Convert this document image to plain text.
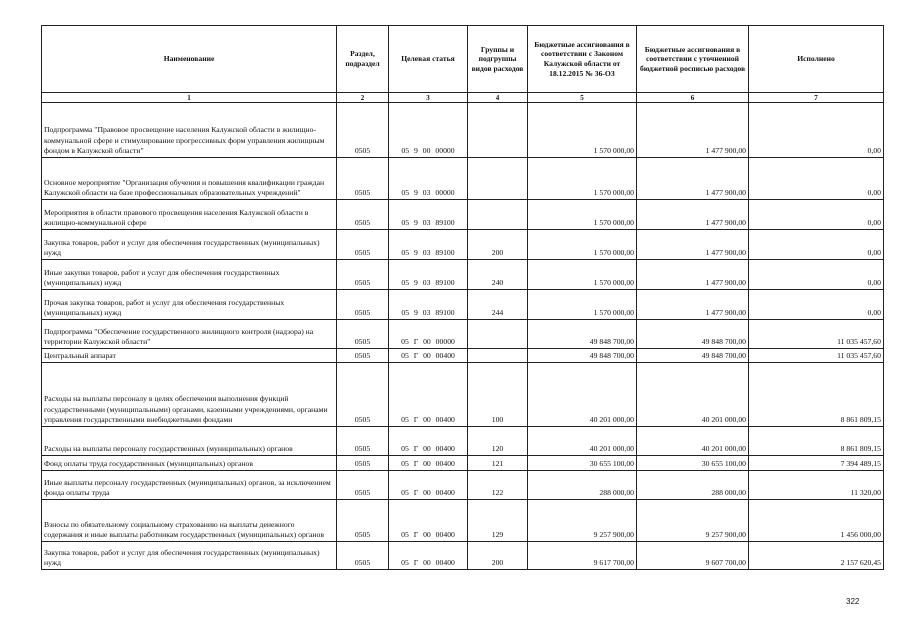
Наименование	Раздел, подраздел	Целевая статья	Группы и подгруппы видов расходов	Бюджетные ассигнования в соответствии с Законом Калужской области от 18.12.2015 № 36-ОЗ	Бюджетные ассигнования в соответствии с уточненной бюджетной росписью расходов	Исполнено
1	2	3	4	5	6	7
Подпрограмма "Правовое просвещение населения Калужской области в жилищно-коммунальной сфере и стимулирование прогрессивных форм управления жилищным фондом в Калужской области"	0505	05 9 00 00000		1 570 000,00	1 477 900,00	0,00
Основное мероприятие "Организация обучения и повышения квалификации граждан Калужской области на базе профессиональных образовательных учреждений"	0505	05 9 03 00000		1 570 000,00	1 477 900,00	0,00
Мероприятия в области правового просвещения населения Калужской области в жилищно-коммунальной сфере	0505	05 9 03 89100		1 570 000,00	1 477 900,00	0,00
Закупка товаров, работ и услуг для обеспечения государственных (муниципальных) нужд	0505	05 9 03 89100	200	1 570 000,00	1 477 900,00	0,00
Иные закупки товаров, работ и услуг для обеспечения государственных (муниципальных) нужд	0505	05 9 03 89100	240	1 570 000,00	1 477 900,00	0,00
Прочая закупка товаров, работ и услуг для обеспечения государственных (муниципальных) нужд	0505	05 9 03 89100	244	1 570 000,00	1 477 900,00	0,00
Подпрограмма "Обеспечение государственного жилищного контроля (надзора) на территории Калужской области"	0505	05 Г 00 00000		49 848 700,00	49 848 700,00	11 035 457,60
Центральный аппарат	0505	05 Г 00 00400		49 848 700,00	49 848 700,00	11 035 457,60
Расходы на выплаты персоналу в целях обеспечения выполнения функций государственными (муниципальными) органами, казенными учреждениями, органами управления государственными внебюджетными фондами	0505	05 Г 00 00400	100	40 201 000,00	40 201 000,00	8 861 809,15
Расходы на выплаты персоналу государственных (муниципальных) органов	0505	05 Г 00 00400	120	40 201 000,00	40 201 000,00	8 861 809,15
Фонд оплаты труда государственных (муниципальных) органов	0505	05 Г 00 00400	121	30 655 100,00	30 655 100,00	7 394 489,15
Иные выплаты персоналу государственных (муниципальных) органов, за исключением фонда оплаты труда	0505	05 Г 00 00400	122	288 000,00	288 000,00	11 320,00
Взносы по обязательному социальному страхованию на выплаты денежного содержания и иные выплаты работникам государственных (муниципальных) органов	0505	05 Г 00 00400	129	9 257 900,00	9 257 900,00	1 456 000,00
Закупка товаров, работ и услуг для обеспечения государственных (муниципальных) нужд	0505	05 Г 00 00400	200	9 617 700,00	9 607 700,00	2 157 620,45
322
